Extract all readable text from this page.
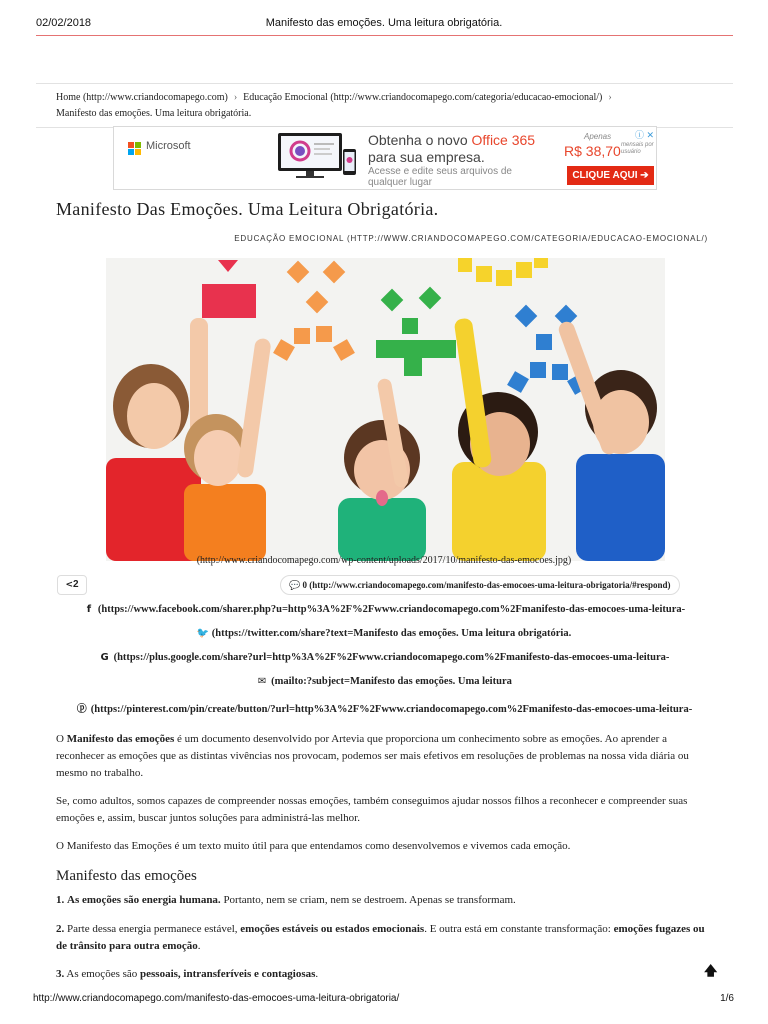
02/02/2018	Manifesto das emoções. Uma leitura obrigatória.
Home (http://www.criandocomapego.com) › Educação Emocional (http://www.criandocomapego.com/categoria/educacao-emocional/) ›
Manifesto das emoções. Uma leitura obrigatória.
Microsoft	Obtenha o novo Office 365
para sua empresa.
Acesse e edite seus arquivos de qualquer lugar
Apenas
R$ 38,70 mensais por usuário
CLIQUE AQUI ➔
ⓘ ✕
Manifesto Das Emoções. Uma Leitura Obrigatória.
EDUCAÇÃO EMOCIONAL (HTTP://WWW.CRIANDOCOMAPEGO.COM/CATEGORIA/EDUCACAO-EMOCIONAL/)
(http://www.criandocomapego.com/wp-content/uploads/2017/10/manifesto-das-emocoes.jpg)
<2	💬 0 (http://www.criandocomapego.com/manifesto-das-emocoes-uma-leitura-obrigatoria/#respond)
f (https://www.facebook.com/sharer.php?u=http%3A%2F%2Fwww.criandocomapego.com%2Fmanifesto-das-emocoes-uma-leitura-
🐦 (https://twitter.com/share?text=Manifesto das emoções. Uma leitura obrigatória.
G (https://plus.google.com/share?url=http%3A%2F%2Fwww.criandocomapego.com%2Fmanifesto-das-emocoes-uma-leitura-
✉ (mailto:?subject=Manifesto das emoções. Uma leitura
ⓟ (https://pinterest.com/pin/create/button/?url=http%3A%2F%2Fwww.criandocomapego.com%2Fmanifesto-das-emocoes-uma-leitura-

O Manifesto das emoções é um documento desenvolvido por Artevia que proporciona um conhecimento sobre as emoções. Ao aprender a reconhecer as emoções que as distintas vivências nos provocam, podemos ser mais efetivos em resoluções de problemas na nossa vida diária ou mesmo no trabalho.

Se, como adultos, somos capazes de compreender nossas emoções, também conseguimos ajudar nossos filhos a reconhecer e compreender suas emoções e, assim, buscar juntos soluções para administrá-las melhor.

O Manifesto das Emoções é um texto muito útil para que entendamos como desenvolvemos e vivemos cada emoção.

Manifesto das emoções

1. As emoções são energia humana. Portanto, nem se criam, nem se destroem. Apenas se transformam.

2. Parte dessa energia permanece estável, emoções estáveis ou estados emocionais. E outra está em constante transformação: emoções fugazes ou de trânsito para outra emoção.

3. As emoções são pessoais, intransferíveis e contagiosas.	🡅
http://www.criandocomapego.com/manifesto-das-emocoes-uma-leitura-obrigatoria/	1/6
